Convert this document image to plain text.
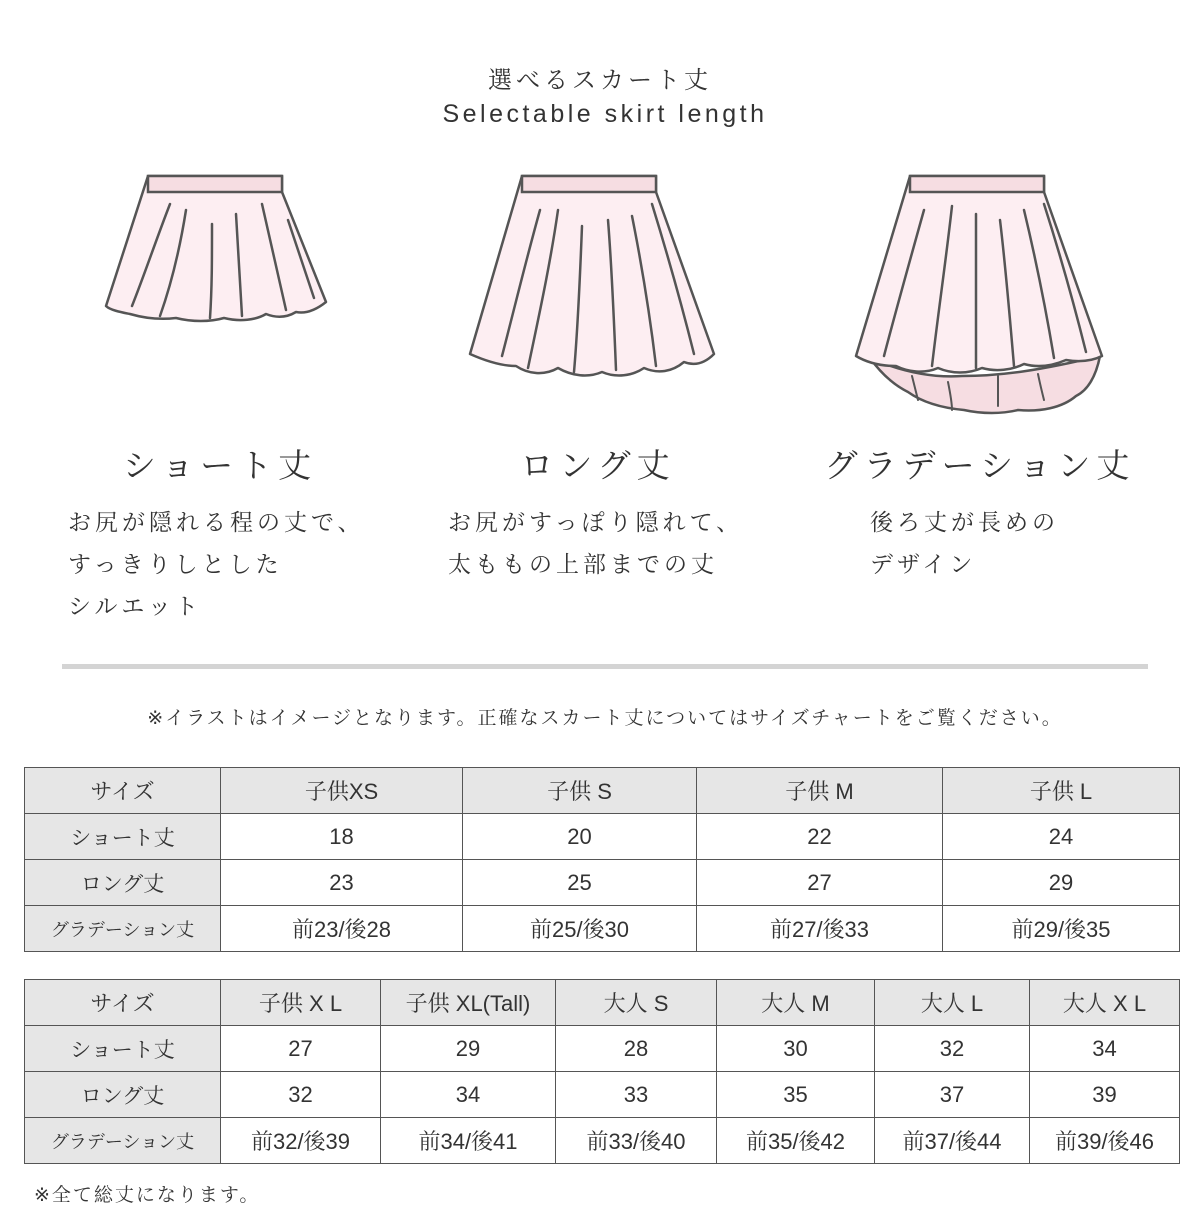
選べるスカート丈
Selectable skirt length
ショート丈	ロング丈	グラデーション丈
お尻が隠れる程の丈で、
すっきりしとした
シルエット
お尻がすっぽり隠れて、
太ももの上部までの丈
後ろ丈が長めの
デザイン
※イラストはイメージとなります。正確なスカート丈についてはサイズチャートをご覧ください。
サイズ	子供XS	子供 S	子供 M	子供 L
ショート丈	18	20	22	24
ロング丈	23	25	27	29
グラデーション丈	前23/後28	前25/後30	前27/後33	前29/後35
サイズ	子供 X L	子供 XL(Tall)	大人 S	大人 M	大人 L	大人 X L
ショート丈	27	29	28	30	32	34
ロング丈	32	34	33	35	37	39
グラデーション丈	前32/後39	前34/後41	前33/後40	前35/後42	前37/後44	前39/後46
※全て総丈になります。
